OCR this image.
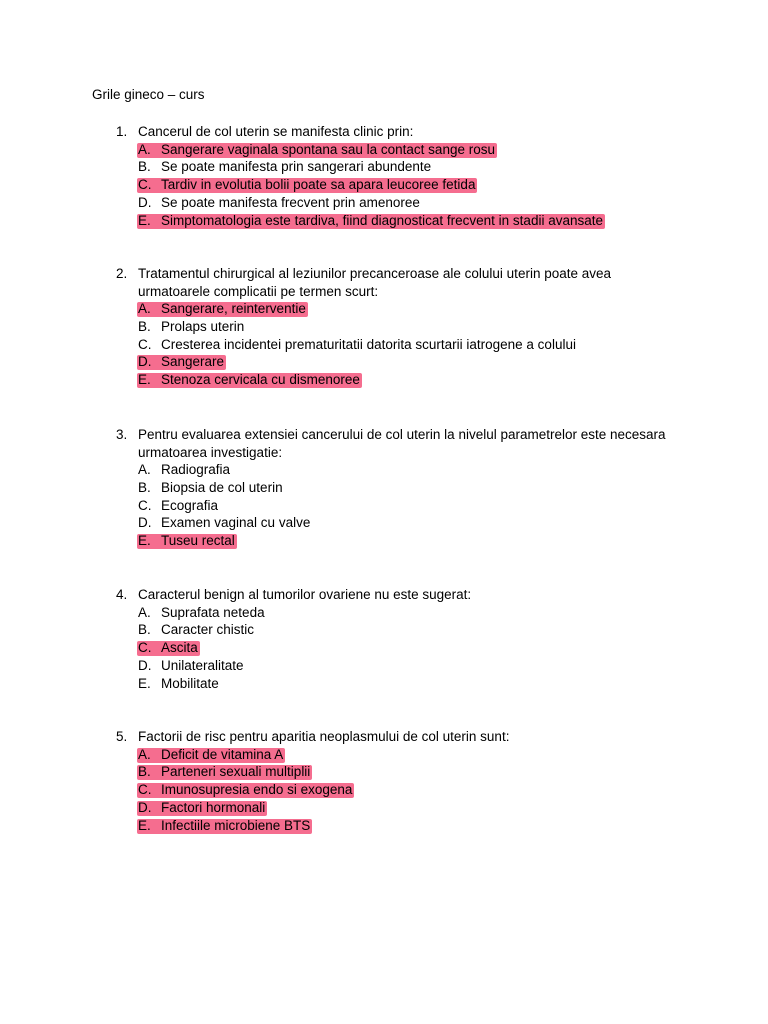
Grile gineco – curs
1. Cancerul de col uterin se manifesta clinic prin:
A. Sangerare vaginala spontana sau la contact sange rosu
B. Se poate manifesta prin sangerari abundente
C. Tardiv in evolutia bolii poate sa apara leucoree fetida
D. Se poate manifesta frecvent prin amenoree
E. Simptomatologia este tardiva, fiind diagnosticat frecvent in stadii avansate
2. Tratamentul chirurgical al leziunilor precanceroase ale colului uterin poate avea urmatoarele complicatii pe termen scurt:
A. Sangerare, reinterventie
B. Prolaps uterin
C. Cresterea incidentei prematuritatii datorita scurtarii iatrogene a colului
D. Sangerare
E. Stenoza cervicala cu dismenoree
3. Pentru evaluarea extensiei cancerului de col uterin la nivelul parametrelor este necesara urmatoarea investigatie:
A. Radiografia
B. Biopsia de col uterin
C. Ecografia
D. Examen vaginal cu valve
E. Tuseu rectal
4. Caracterul benign al tumorilor ovariene nu este sugerat:
A. Suprafata neteda
B. Caracter chistic
C. Ascita
D. Unilateralitate
E. Mobilitate
5. Factorii de risc pentru aparitia neoplasmului de col uterin sunt:
A. Deficit de vitamina A
B. Parteneri sexuali multiplii
C. Imunosupresia endo si exogena
D. Factori hormonali
E. Infectiile microbiene BTS
